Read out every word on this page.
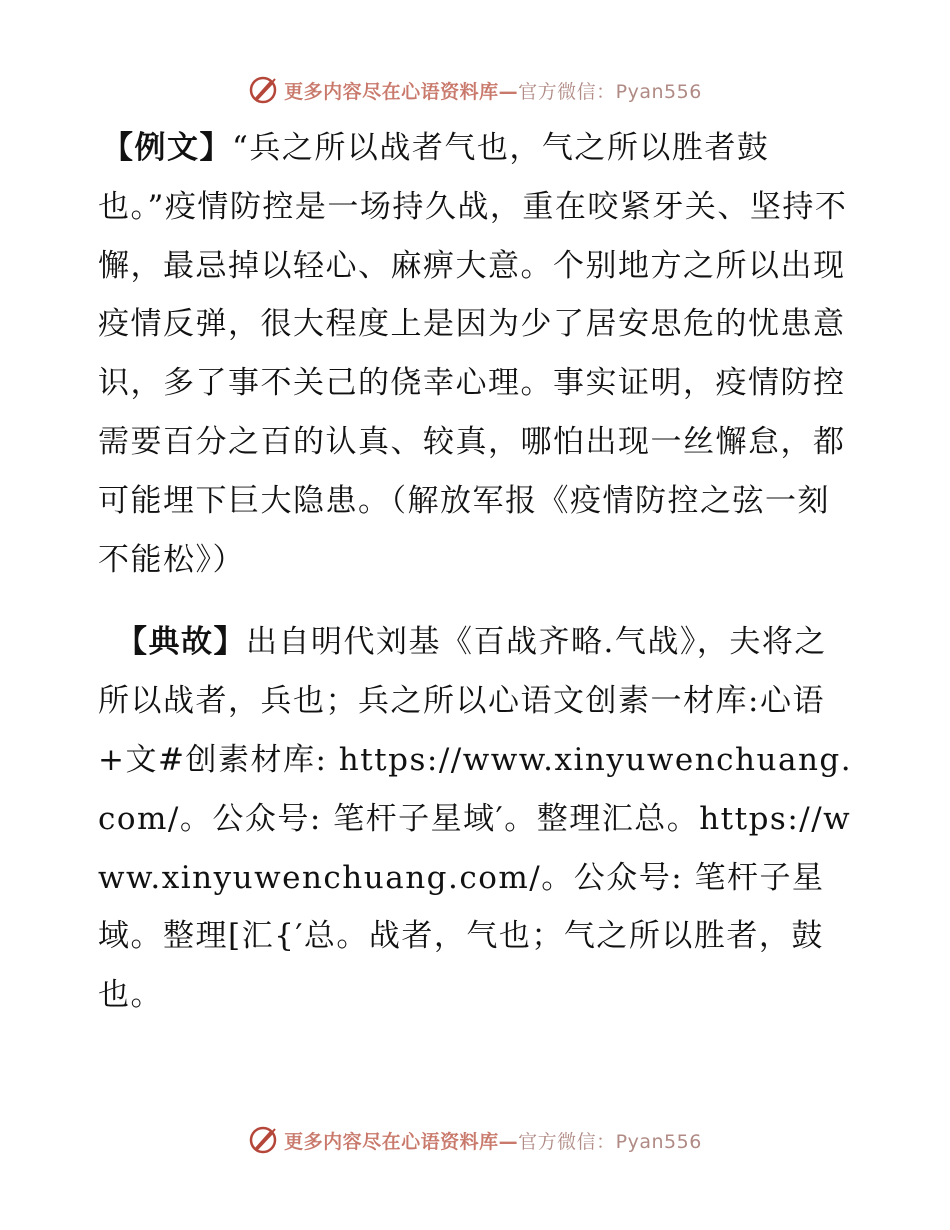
更多内容尽在心语资料库—官方微信：Pyan556

【例文】“兵之所以战者气也，气之所以胜者鼓也。”疫情防控是一场持久战，重在咬紧牙关、坚持不懈，最忌掉以轻心、麻痹大意。个别地方之所以出现疫情反弹，很大程度上是因为少了居安思危的忧患意识，多了事不关己的侥幸心理。事实证明，疫情防控需要百分之百的认真、较真，哪怕出现一丝懈怠，都可能埋下巨大隐患。（解放军报《疫情防控之弦一刻不能松》）

【典故】出自明代刘基《百战齐略.气战》，夫将之所以战者，兵也；兵之所以心语文创素一材库:心语+文#创素材库: https://www.xinyuwenchuang.com/。公众号: 笔杆子星域′。整理汇总。https://www.xinyuwenchuang.com/。公众号: 笔杆子星域。整理[汇{′总。战者，气也；气之所以胜者，鼓也。

更多内容尽在心语资料库—官方微信：Pyan556
